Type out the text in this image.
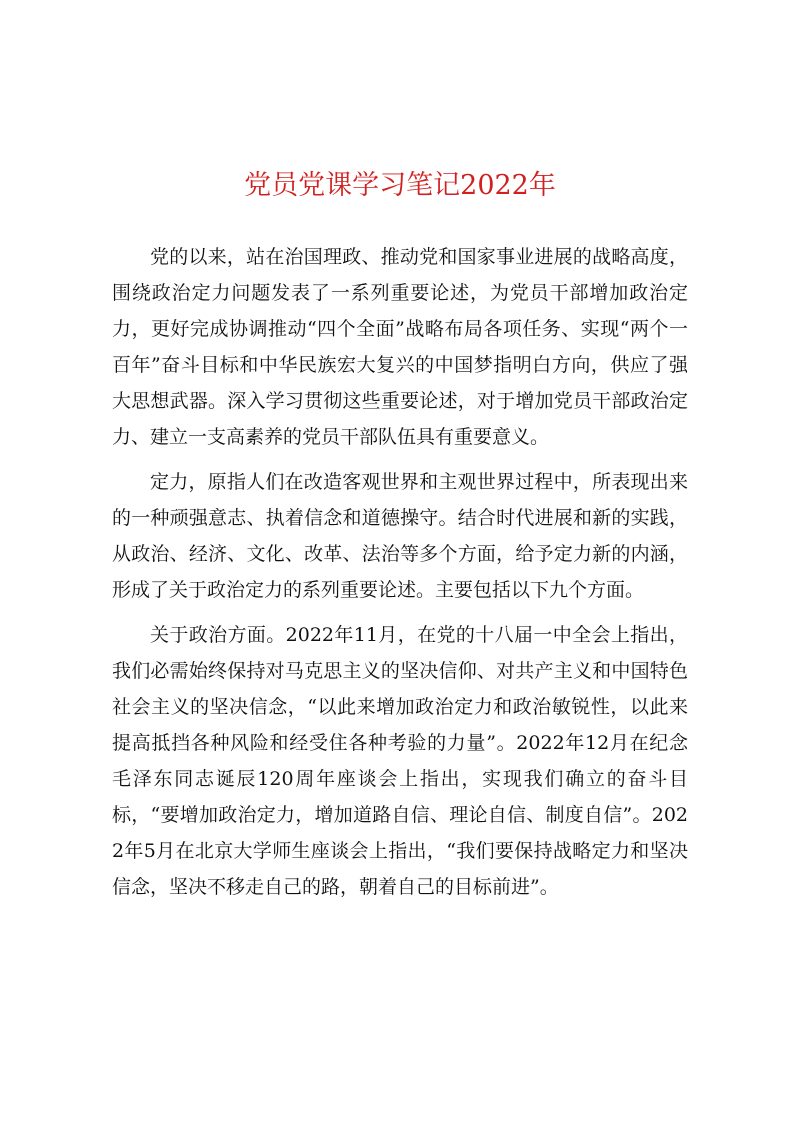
党员党课学习笔记2022年

党的以来，站在治国理政、推动党和国家事业进展的战略高度，围绕政治定力问题发表了一系列重要论述，为党员干部增加政治定力，更好完成协调推动“四个全面”战略布局各项任务、实现“两个一百年”奋斗目标和中华民族宏大复兴的中国梦指明白方向，供应了强大思想武器。深入学习贯彻这些重要论述，对于增加党员干部政治定力、建立一支高素养的党员干部队伍具有重要意义。

定力，原指人们在改造客观世界和主观世界过程中，所表现出来的一种顽强意志、执着信念和道德操守。结合时代进展和新的实践，从政治、经济、文化、改革、法治等多个方面，给予定力新的内涵，形成了关于政治定力的系列重要论述。主要包括以下九个方面。

关于政治方面。2022年11月，在党的十八届一中全会上指出，我们必需始终保持对马克思主义的坚决信仰、对共产主义和中国特色社会主义的坚决信念，“以此来增加政治定力和政治敏锐性，以此来提高抵挡各种风险和经受住各种考验的力量”。2022年12月在纪念毛泽东同志诞辰120周年座谈会上指出，实现我们确立的奋斗目标，“要增加政治定力，增加道路自信、理论自信、制度自信”。2022年5月在北京大学师生座谈会上指出，“我们要保持战略定力和坚决信念，坚决不移走自己的路，朝着自己的目标前进”。
